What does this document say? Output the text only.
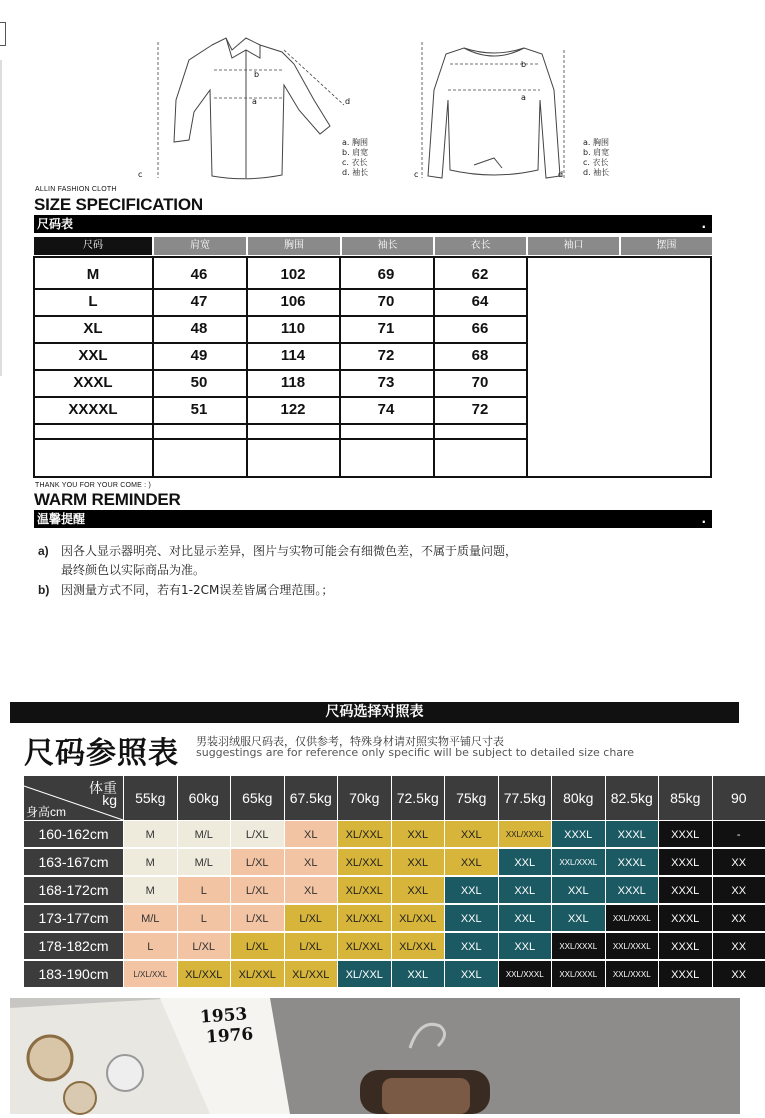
b
a
c
d
a. 胸围
b. 肩宽
c. 衣长
d. 袖长
b
a
c	d
a. 胸围
b. 肩宽
c. 衣长
d. 袖长
ALLIN FASHION CLOTH
SIZE SPECIFICATION
尺码表	.
尺码	肩宽	胸围	袖长	衣长	袖口	摆围
M	46	102	69	62
L	47	106	70	64
XL	48	110	71	66
XXL	49	114	72	68
XXXL	50	118	73	70
XXXXL	51	122	74	72
THANK YOU FOR YOUR COME : )
WARM REMINDER
温馨提醒	.
a) 因各人显示器明亮、对比显示差异，图片与实物可能会有细微色差，不属于质量问题，
最终颜色以实际商品为准。
b) 因测量方式不同，若有1-2CM误差皆属合理范围。；
尺码选择对照表
尺码参照表 男装羽绒服尺码表，仅供参考，特殊身材请对照实物平铺尺寸表
suggestings are for reference only specific will be subject to detailed size chare
体重
kg
身高cm
55kg	60kg	65kg	67.5kg	70kg	72.5kg	75kg	77.5kg	80kg	82.5kg	85kg	90
160-162cm	M	M/L	L/XL	XL	XL/XXL	XXL	XXL	XXL/XXXL	XXXL	XXXL	XXXL	-
163-167cm	M	M/L	L/XL	XL	XL/XXL	XXL	XXL	XXL	XXL/XXXL	XXXL	XXXL	XX
168-172cm	M	L	L/XL	XL	XL/XXL	XXL	XXL	XXL	XXL	XXXL	XXXL	XX
173-177cm	M/L	L	L/XL	L/XL	XL/XXL	XL/XXL	XXL	XXL	XXL	XXL/XXXL	XXXL	XX
178-182cm	L	L/XL	L/XL	L/XL	XL/XXL	XL/XXL	XXL	XXL	XXL/XXXL	XXL/XXXL	XXXL	XX
183-190cm	L/XL/XXL	XL/XXL	XL/XXL	XL/XXL	XL/XXL	XXL	XXL	XXL/XXXL	XXL/XXXL	XXL/XXXL	XXXL	XX
1953
1976
